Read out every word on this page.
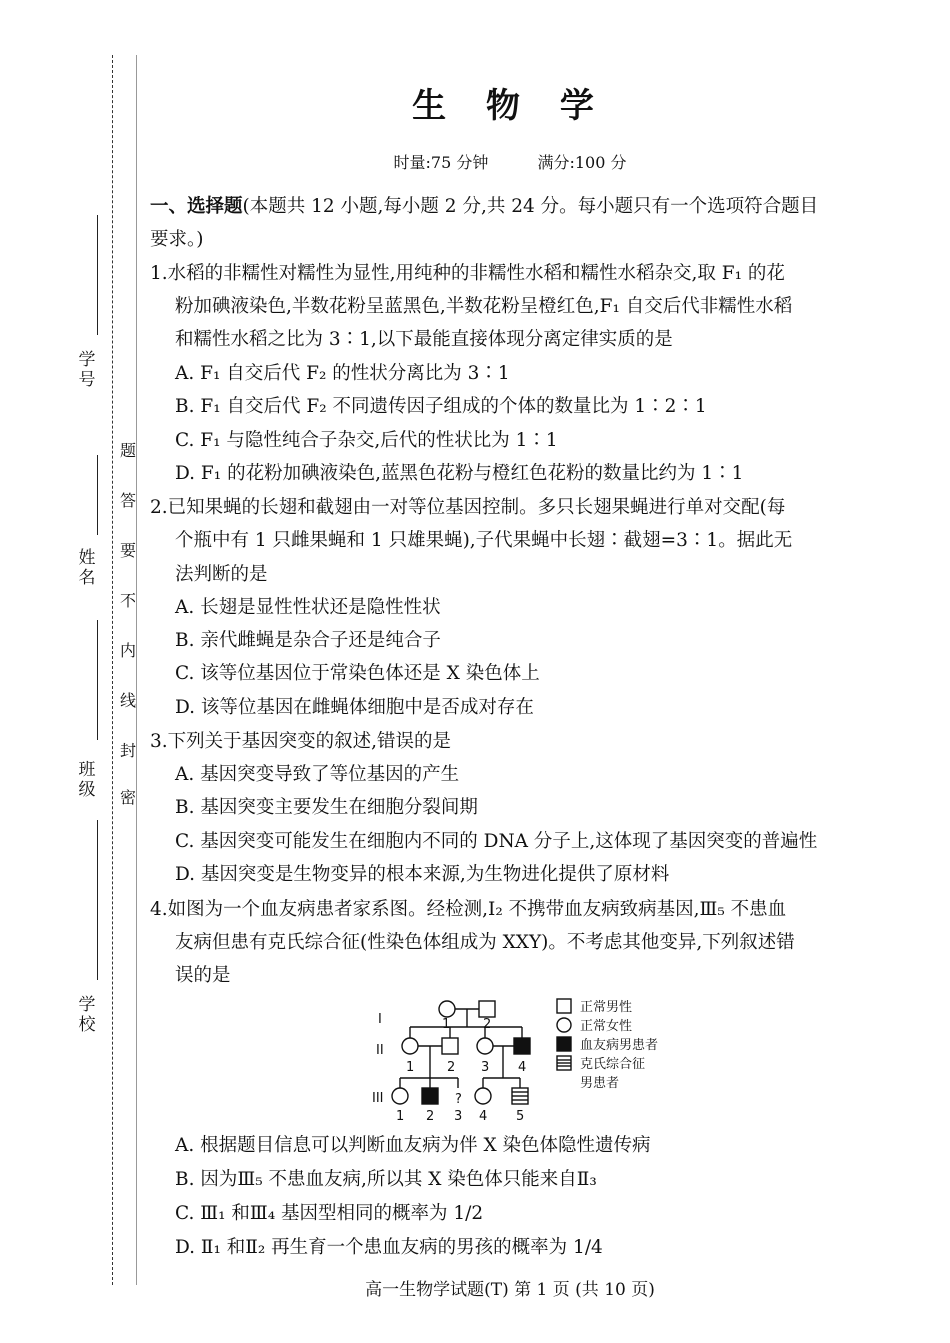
学 号
姓 名
班 级
学 校
密
封
线
内
不
要
答
题
生 物 学
时量:75 分钟	满分:100 分
一、选择题(本题共 12 小题,每小题 2 分,共 24 分。每小题只有一个选项符合题目
要求。)
1.水稻的非糯性对糯性为显性,用纯种的非糯性水稻和糯性水稻杂交,取 F₁ 的花
粉加碘液染色,半数花粉呈蓝黑色,半数花粉呈橙红色,F₁ 自交后代非糯性水稻
和糯性水稻之比为 3∶1,以下最能直接体现分离定律实质的是
A. F₁ 自交后代 F₂ 的性状分离比为 3∶1
B. F₁ 自交后代 F₂ 不同遗传因子组成的个体的数量比为 1∶2∶1
C. F₁ 与隐性纯合子杂交,后代的性状比为 1∶1
D. F₁ 的花粉加碘液染色,蓝黑色花粉与橙红色花粉的数量比约为 1∶1
2.已知果蝇的长翅和截翅由一对等位基因控制。多只长翅果蝇进行单对交配(每
个瓶中有 1 只雌果蝇和 1 只雄果蝇),子代果蝇中长翅∶截翅=3∶1。据此无
法判断的是
A. 长翅是显性性状还是隐性性状
B. 亲代雌蝇是杂合子还是纯合子
C. 该等位基因位于常染色体还是 X 染色体上
D. 该等位基因在雌蝇体细胞中是否成对存在
3.下列关于基因突变的叙述,错误的是
A. 基因突变导致了等位基因的产生
B. 基因突变主要发生在细胞分裂间期
C. 基因突变可能发生在细胞内不同的 DNA 分子上,这体现了基因突变的普遍性
D. 基因突变是生物变异的根本来源,为生物进化提供了原材料
4.如图为一个血友病患者家系图。经检测,Ⅰ₂ 不携带血友病致病基因,Ⅲ₅ 不患血
友病但患有克氏综合征(性染色体组成为 XXY)。不考虑其他变异,下列叙述错
误的是
I
II
III
1	2
1	2 3 4
1 2
?
3 4 5
正常男性
正常女性
血友病男患者
克氏综合征
男患者
A. 根据题目信息可以判断血友病为伴 X 染色体隐性遗传病
B. 因为Ⅲ₅ 不患血友病,所以其 X 染色体只能来自Ⅱ₃
C. Ⅲ₁ 和Ⅲ₄ 基因型相同的概率为 1/2
D. Ⅱ₁ 和Ⅱ₂ 再生育一个患血友病的男孩的概率为 1/4
高一生物学试题(T) 第 1 页 (共 10 页)
